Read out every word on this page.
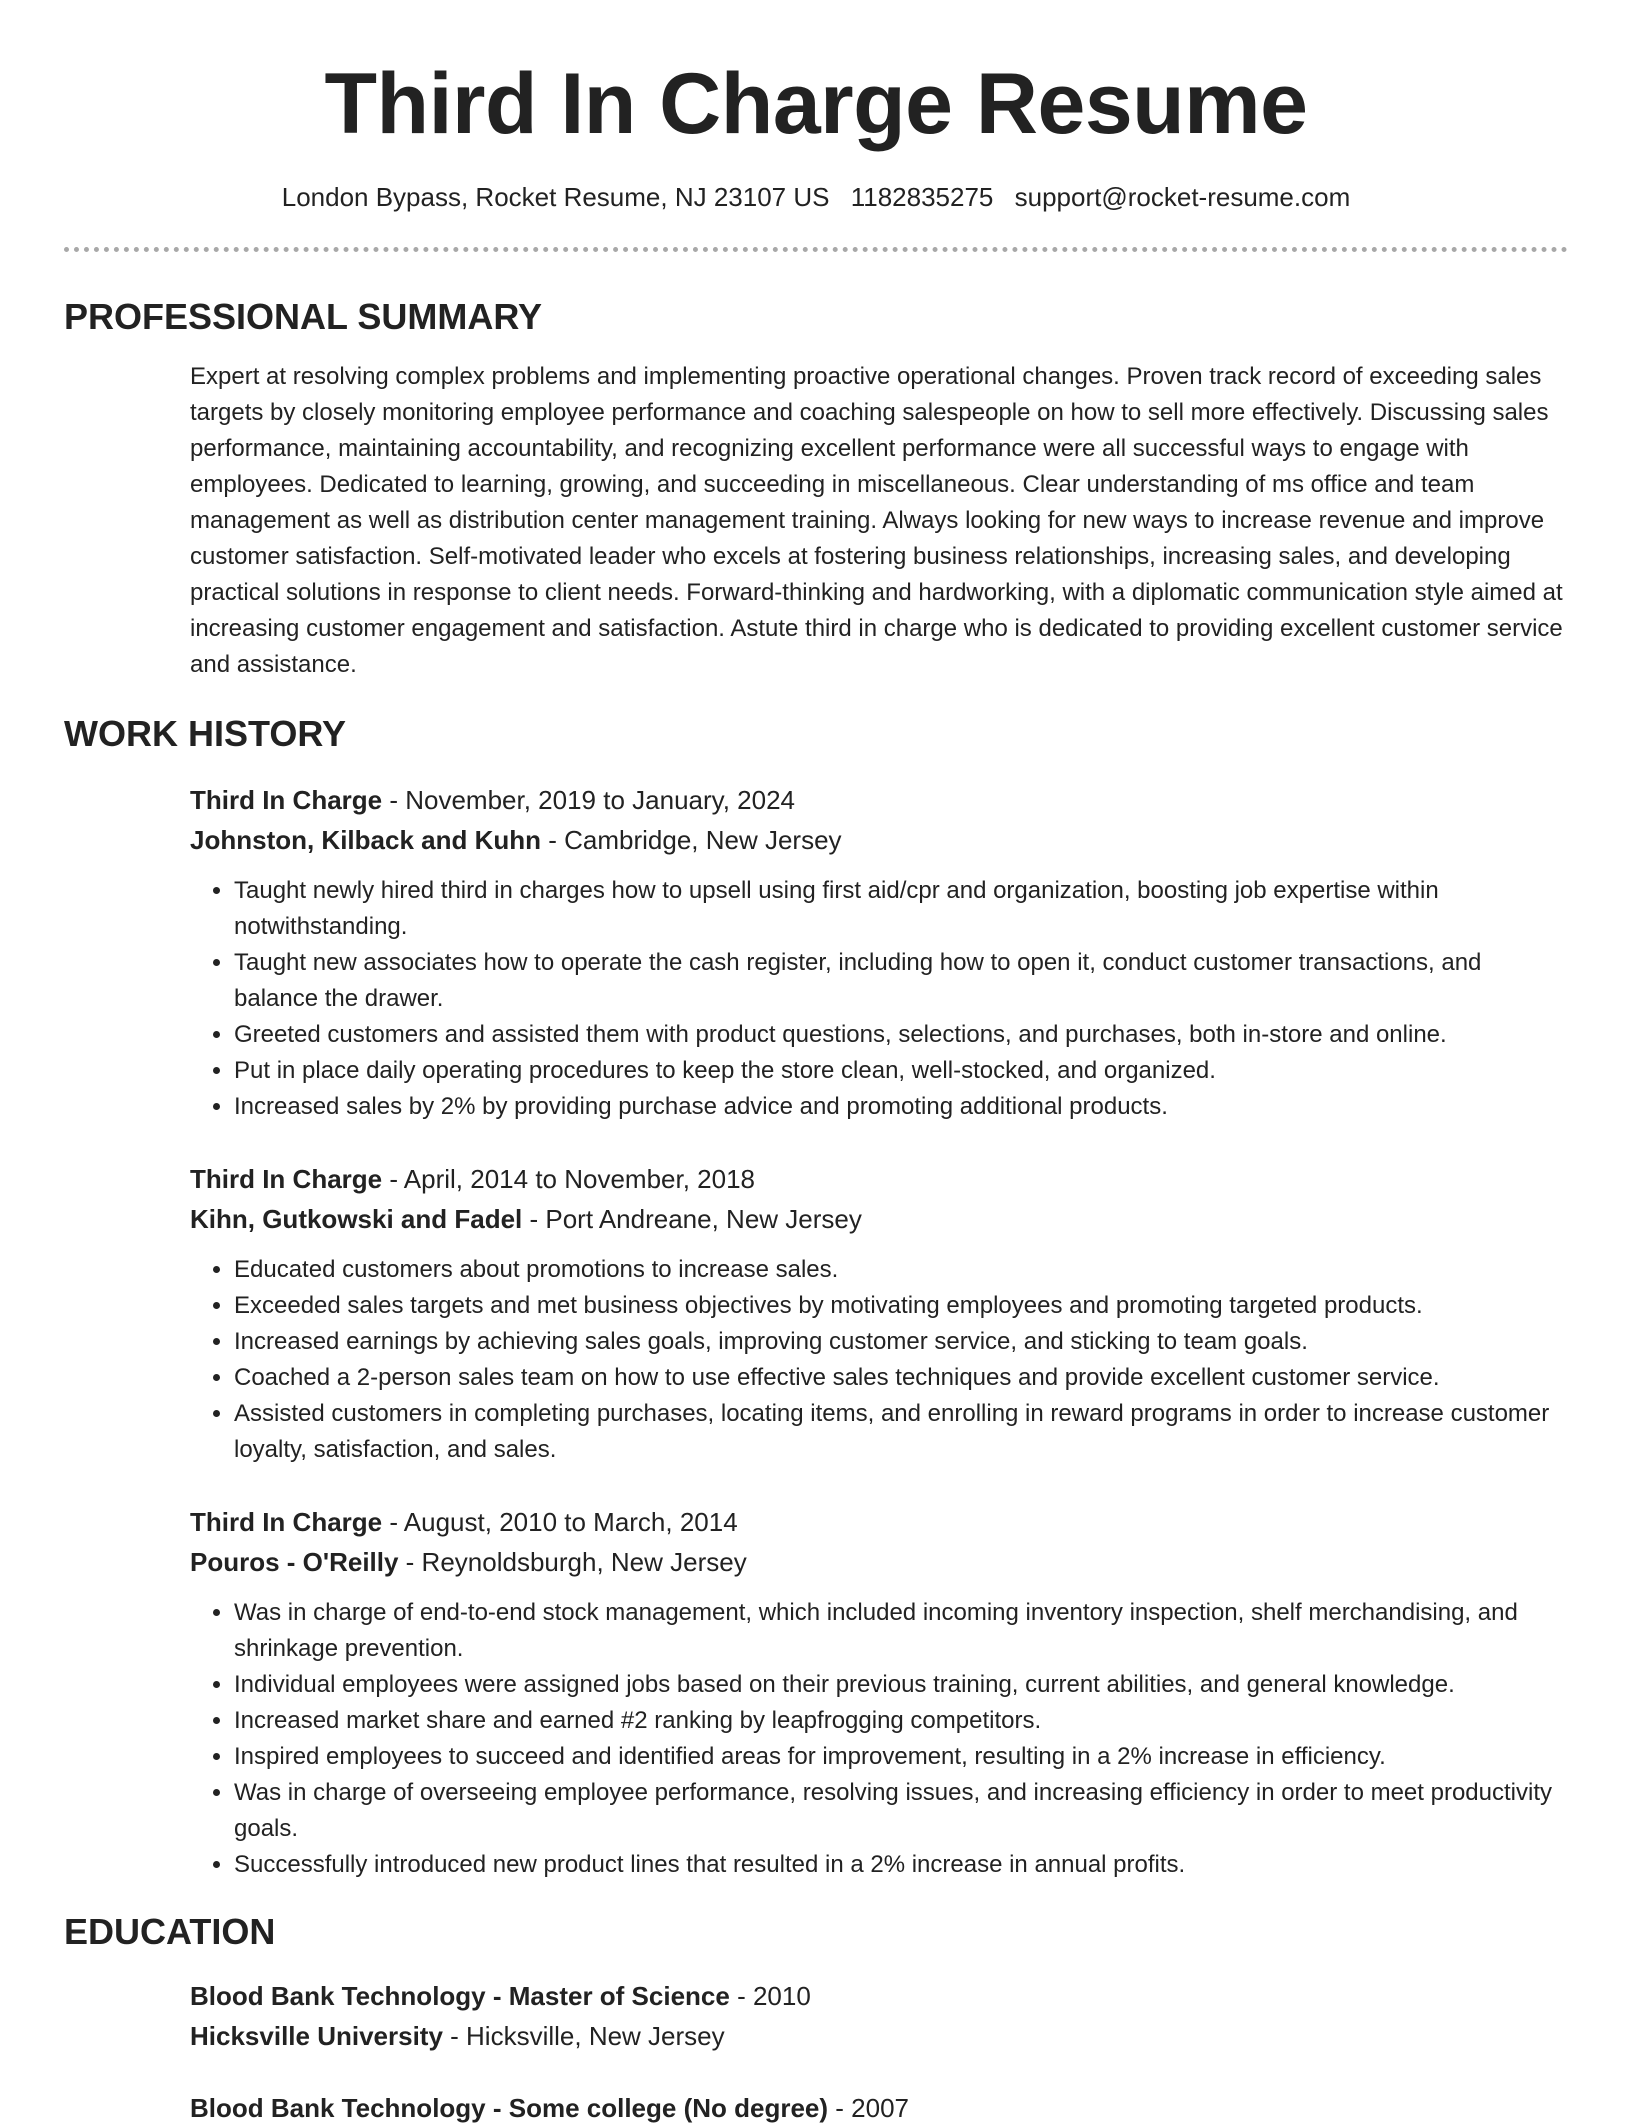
Third In Charge Resume
London Bypass, Rocket Resume, NJ 23107 US 1182835275 support@rocket-resume.com
PROFESSIONAL SUMMARY

Expert at resolving complex problems and implementing proactive operational changes. Proven track record of exceeding sales targets by closely monitoring employee performance and coaching salespeople on how to sell more effectively. Discussing sales performance, maintaining accountability, and recognizing excellent performance were all successful ways to engage with employees. Dedicated to learning, growing, and succeeding in miscellaneous. Clear understanding of ms office and team management as well as distribution center management training. Always looking for new ways to increase revenue and improve customer satisfaction. Self-motivated leader who excels at fostering business relationships, increasing sales, and developing practical solutions in response to client needs. Forward-thinking and hardworking, with a diplomatic communication style aimed at increasing customer engagement and satisfaction. Astute third in charge who is dedicated to providing excellent customer service and assistance.

WORK HISTORY
Third In Charge - November, 2019 to January, 2024
Johnston, Kilback and Kuhn - Cambridge, New Jersey
• Taught newly hired third in charges how to upsell using first aid/cpr and organization, boosting job expertise within notwithstanding.
• Taught new associates how to operate the cash register, including how to open it, conduct customer transactions, and balance the drawer.
• Greeted customers and assisted them with product questions, selections, and purchases, both in-store and online.
• Put in place daily operating procedures to keep the store clean, well-stocked, and organized.
• Increased sales by 2% by providing purchase advice and promoting additional products.
Third In Charge - April, 2014 to November, 2018
Kihn, Gutkowski and Fadel - Port Andreane, New Jersey
• Educated customers about promotions to increase sales.
• Exceeded sales targets and met business objectives by motivating employees and promoting targeted products.
• Increased earnings by achieving sales goals, improving customer service, and sticking to team goals.
• Coached a 2-person sales team on how to use effective sales techniques and provide excellent customer service.
• Assisted customers in completing purchases, locating items, and enrolling in reward programs in order to increase customer loyalty, satisfaction, and sales.
Third In Charge - August, 2010 to March, 2014
Pouros - O'Reilly - Reynoldsburgh, New Jersey
• Was in charge of end-to-end stock management, which included incoming inventory inspection, shelf merchandising, and shrinkage prevention.
• Individual employees were assigned jobs based on their previous training, current abilities, and general knowledge.
• Increased market share and earned #2 ranking by leapfrogging competitors.
• Inspired employees to succeed and identified areas for improvement, resulting in a 2% increase in efficiency.
• Was in charge of overseeing employee performance, resolving issues, and increasing efficiency in order to meet productivity goals.
• Successfully introduced new product lines that resulted in a 2% increase in annual profits.
EDUCATION
Blood Bank Technology - Master of Science - 2010
Hicksville University - Hicksville, New Jersey
Blood Bank Technology - Some college (No degree) - 2007
